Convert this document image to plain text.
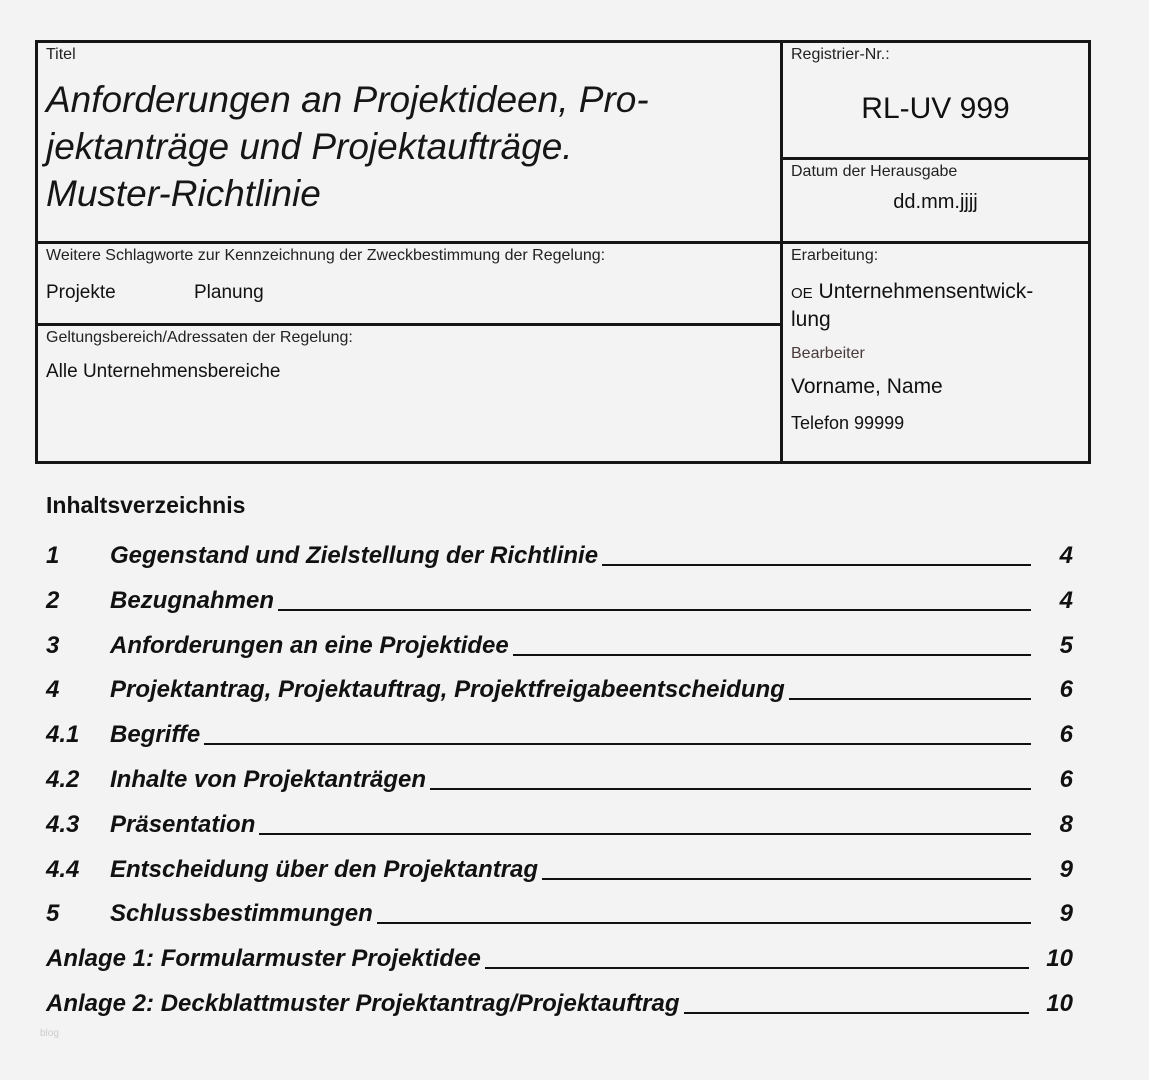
Titel
Anforderungen an Projektideen, Pro-
jektanträge und Projektaufträge.
Muster-Richtlinie
Registrier-Nr.:
RL-UV 999
Datum der Herausgabe
dd.mm.jjjj
Weitere Schlagworte zur Kennzeichnung der Zweckbestimmung der Regelung:
Projekte	Planung
Geltungsbereich/Adressaten der Regelung:
Alle Unternehmensbereiche
Erarbeitung:
OE Unternehmensentwick-
lung
Bearbeiter
Vorname, Name
Telefon 99999
Inhaltsverzeichnis
1	Gegenstand und Zielstellung der Richtlinie	4
2	Bezugnahmen	4
3	Anforderungen an eine Projektidee	5
4	Projektantrag, Projektauftrag, Projektfreigabeentscheidung	6
4.1	Begriffe	6
4.2	Inhalte von Projektanträgen	6
4.3	Präsentation	8
4.4	Entscheidung über den Projektantrag	9
5	Schlussbestimmungen	9
Anlage 1: Formularmuster Projektidee	10
Anlage 2: Deckblattmuster Projektantrag/Projektauftrag	10
blog
